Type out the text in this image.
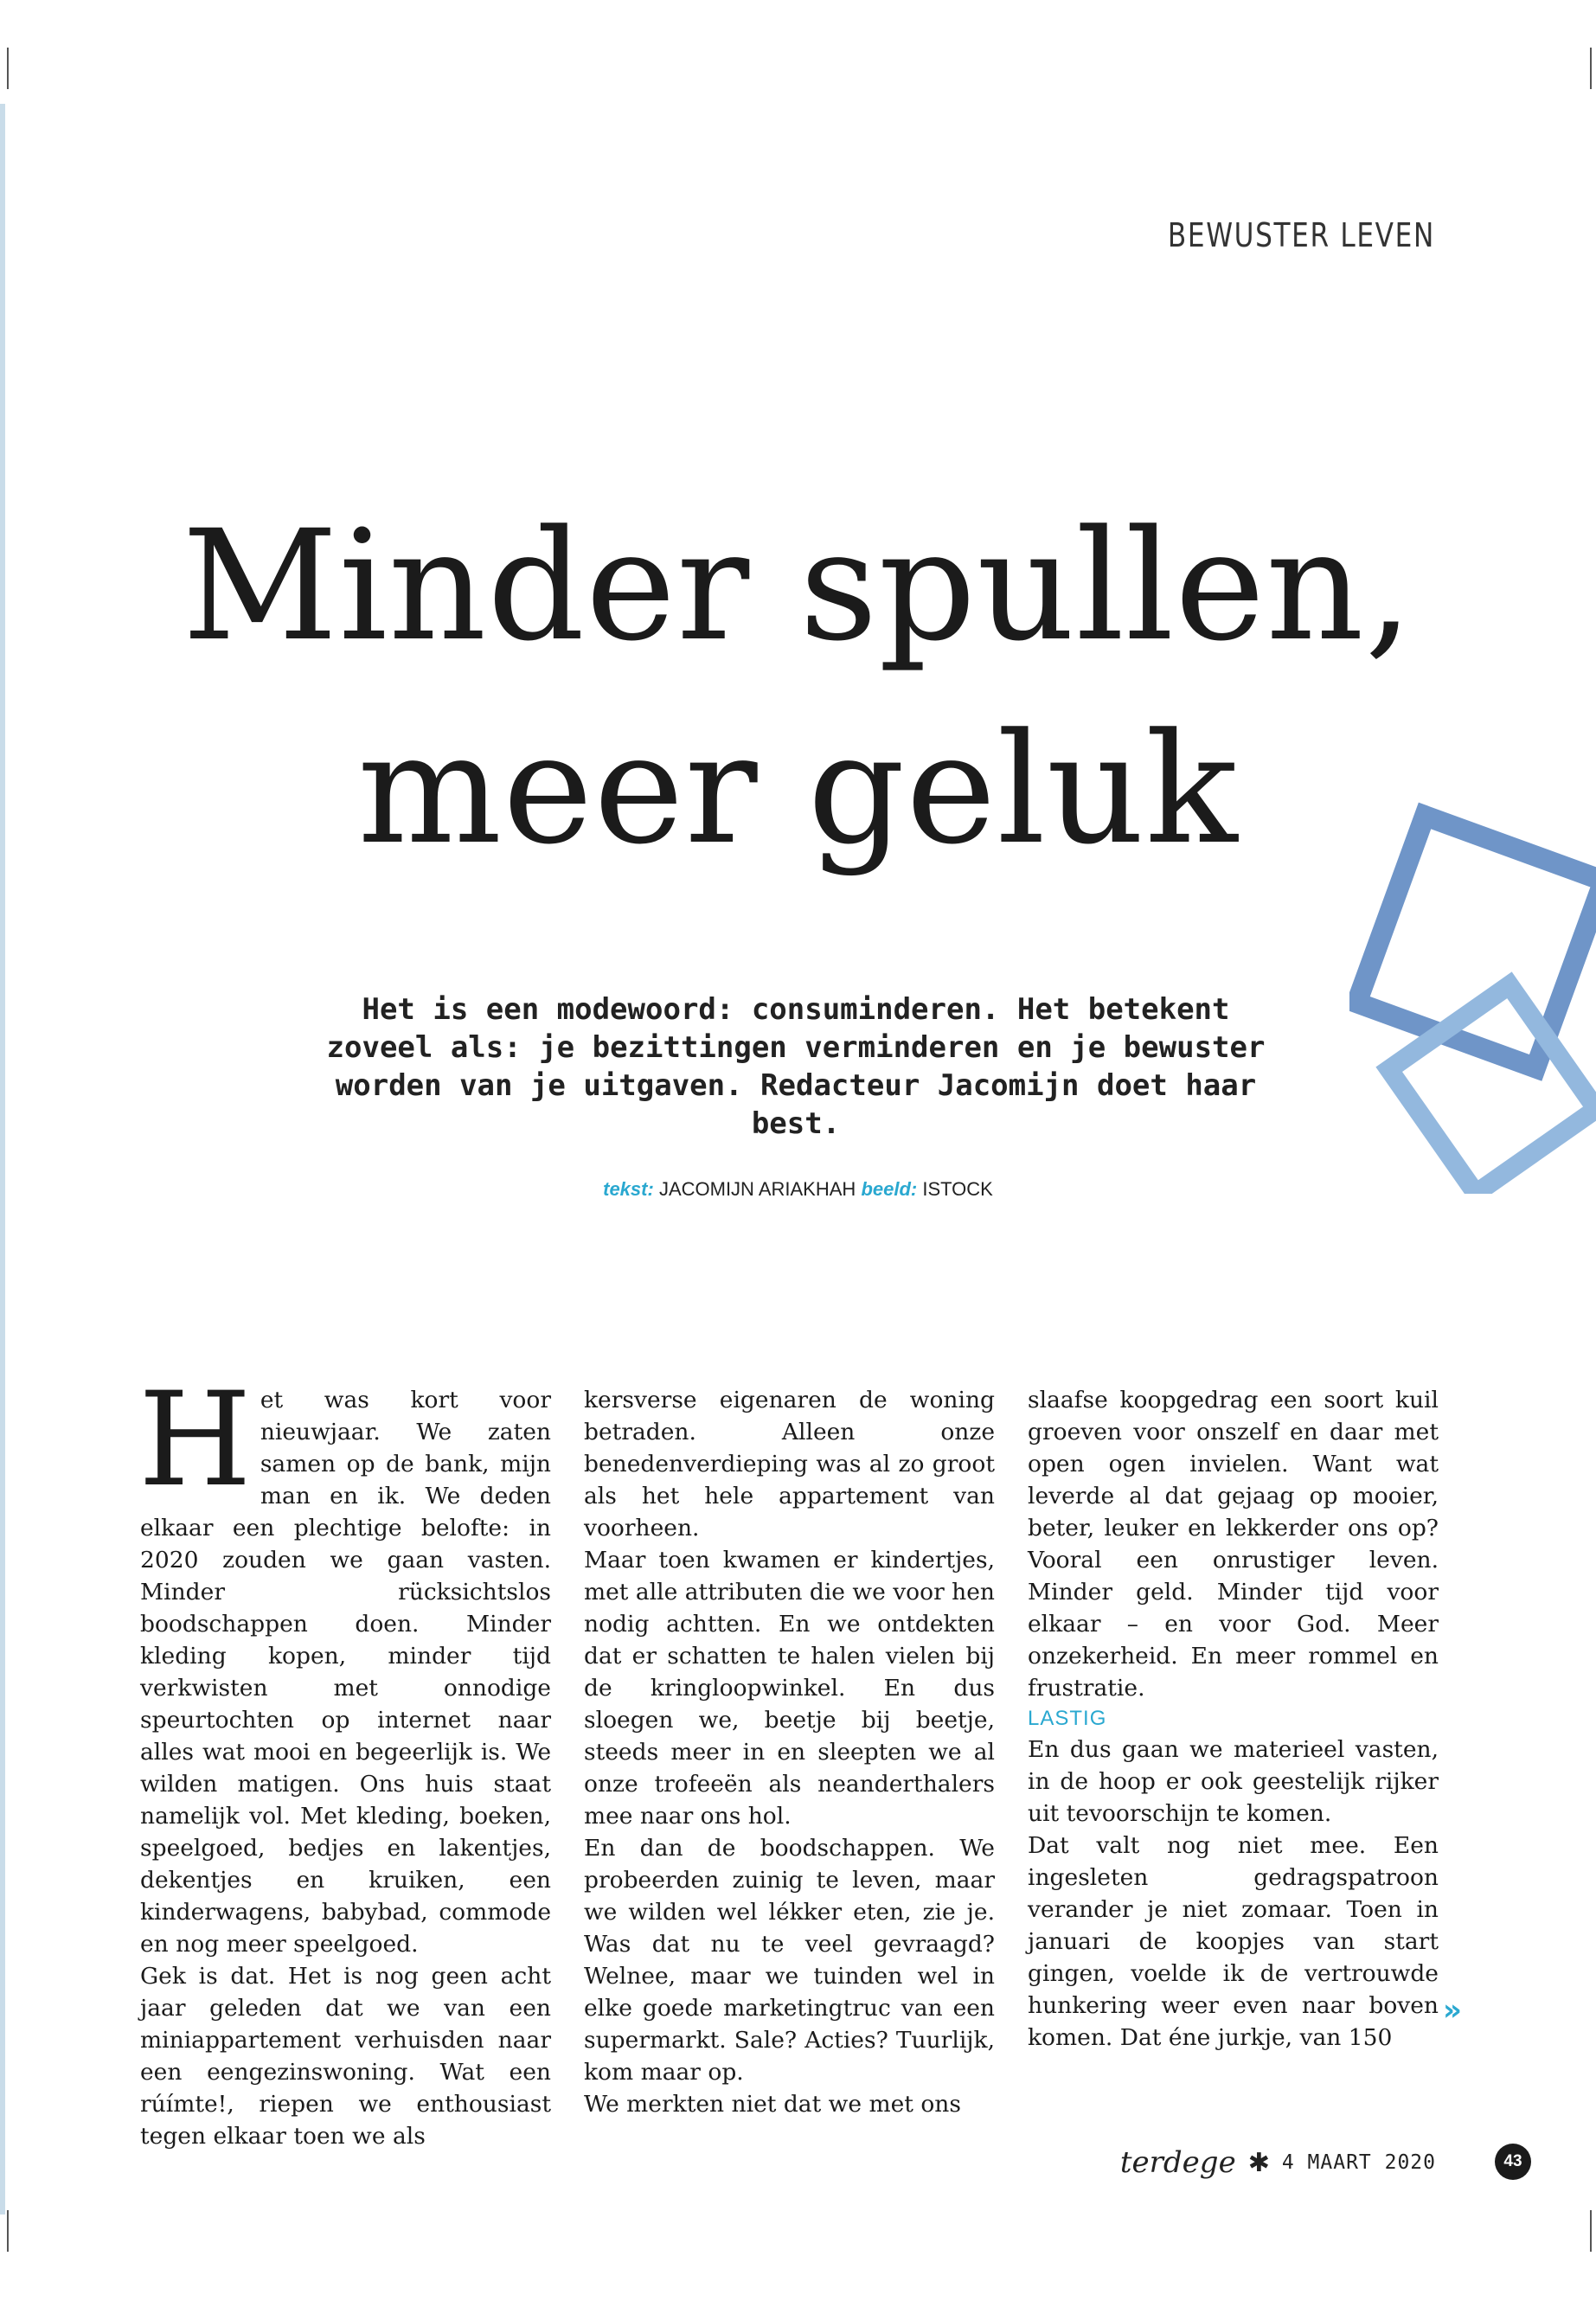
BEWUSTER LEVEN
Minder spullen,
meer geluk

Het is een modewoord: consuminderen. Het betekent zoveel als: je bezittingen verminderen en je bewuster worden van je uitgaven. Redacteur Jacomijn doet haar best.

tekst: JACOMIJN ARIAKHAH beeld: ISTOCK
H et was kort voor nieuwjaar. We zaten samen op de bank, mijn man en ik. We deden elkaar een plechtige belofte: in 2020 zouden we gaan vasten. Minder rücksichtslos boodschappen doen. Minder kleding kopen, minder tijd verkwisten met onnodige speurtochten op internet naar alles wat mooi en begeerlijk is. We wilden matigen. Ons huis staat namelijk vol. Met kleding, boeken, speelgoed, bedjes en lakentjes, dekentjes en kruiken, een kinderwagens, babybad, commode en nog meer speelgoed.

Gek is dat. Het is nog geen acht jaar geleden dat we van een miniappartement verhuisden naar een eengezinswoning. Wat een rúímte!, riepen we enthousiast tegen elkaar toen we als

kersverse eigenaren de woning betraden. Alleen onze benedenverdieping was al zo groot als het hele appartement van voorheen.

Maar toen kwamen er kindertjes, met alle attributen die we voor hen nodig achtten. En we ontdekten dat er schatten te halen vielen bij de kringloopwinkel. En dus sloegen we, beetje bij beetje, steeds meer in en sleepten we al onze trofeeën als neanderthalers mee naar ons hol.

En dan de boodschappen. We probeerden zuinig te leven, maar we wilden wel lékker eten, zie je. Was dat nu te veel gevraagd? Welnee, maar we tuinden wel in elke goede marketingtruc van een supermarkt. Sale? Acties? Tuurlijk, kom maar op.

We merkten niet dat we met ons

slaafse koopgedrag een soort kuil groeven voor onszelf en daar met open ogen invielen. Want wat leverde al dat gejaag op mooier, beter, leuker en lekkerder ons op? Vooral een onrustiger leven. Minder geld. Minder tijd voor elkaar – en voor God. Meer onzekerheid. En meer rommel en frustratie.

LASTIG

En dus gaan we materieel vasten, in de hoop er ook geestelijk rijker uit tevoorschijn te komen.

Dat valt nog niet mee. Een ingesleten gedragspatroon verander je niet zomaar. Toen in januari de koopjes van start gingen, voelde ik de vertrouwde hunkering weer even naar boven komen. Dat éne jurkje, van 150

»
terdege ✱ 4 MAART 2020	43
